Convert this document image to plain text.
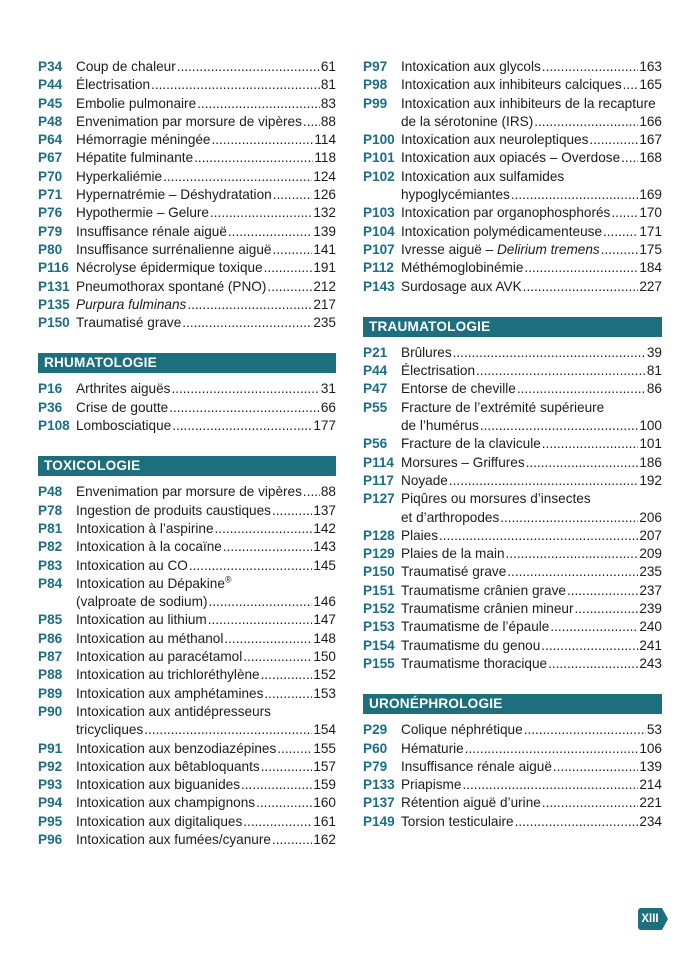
P34	Coup de chaleur .....	61
P44	Électrisation .....	81
P45	Embolie pulmonaire .....	83
P48	Envenimation par morsure de vipères ..... 88
P64	Hémorragie méningée .....	114
P67	Hépatite fulminante .....	118
P70	Hyperkaliémie .....	124
P71	Hypernatrémie – Déshydratation .....	126
P76	Hypothermie – Gelure .....	132
P79	Insuffisance rénale aiguë .....	139
P80	Insuffisance surrénalienne aiguë .....	141
P116 Nécrolyse épidermique toxique .....	191
P131 Pneumothorax spontané (PNO) .....	212
P135 Purpura fulminans .....	217
P150 Traumatisé grave .....	235
RHUMATOLOGIE
P16	Arthrites aiguës .....	31
P36	Crise de goutte .....	66
P108 Lombosciatique .....	177
TOXICOLOGIE
P48	Envenimation par morsure de vipères ..... 88
P78	Ingestion de produits caustiques .....	137
P81	Intoxication à l’aspirine .....	142
P82	Intoxication à la cocaïne .....	143
P83	Intoxication au CO .....	145
P84	Intoxication au Dépakine®
(valproate de sodium) .....	146
P85	Intoxication au lithium .....	147
P86	Intoxication au méthanol .....	148
P87	Intoxication au paracétamol .....	150
P88	Intoxication au trichloréthylène .....	152
P89	Intoxication aux amphétamines .....	153
P90	Intoxication aux antidépresseurs
tricycliques .....	154
P91	Intoxication aux benzodiazépines .....	155
P92	Intoxication aux bêtabloquants .....	157
P93	Intoxication aux biguanides .....	159
P94	Intoxication aux champignons .....	160
P95	Intoxication aux digitaliques .....	161
P96	Intoxication aux fumées/cyanure .....	162
P97	Intoxication aux glycols .....	163
P98	Intoxication aux inhibiteurs calciques ..... 165
P99	Intoxication aux inhibiteurs de la recapture
de la sérotonine (IRS) .....	166
P100 Intoxication aux neuroleptiques .....	167
P101 Intoxication aux opiacés – Overdose ..... 168
P102 Intoxication aux sulfamides
hypoglycémiantes .....	169
P103 Intoxication par organophosphorés ..... 170
P104 Intoxication polymédicamenteuse .....	171
P107 Ivresse aiguë – Delirium tremens .....	175
P112 Méthémoglobinémie .....	184
P143 Surdosage aux AVK .....	227
TRAUMATOLOGIE
P21	Brûlures .....	39
P44	Électrisation .....	81
P47	Entorse de cheville .....	86
P55	Fracture de l’extrémité supérieure
de l’humérus .....	100
P56	Fracture de la clavicule .....	101
P114 Morsures – Griffures .....	186
P117 Noyade .....	192
P127 Piqûres ou morsures d’insectes
et d’arthropodes .....	206
P128 Plaies .....	207
P129 Plaies de la main .....	209
P150 Traumatisé grave .....	235
P151 Traumatisme crânien grave .....	237
P152 Traumatisme crânien mineur .....	239
P153 Traumatisme de l’épaule .....	240
P154 Traumatisme du genou .....	241
P155 Traumatisme thoracique .....	243
URONÉPHROLOGIE
P29	Colique néphrétique .....	53
P60	Hématurie .....	106
P79	Insuffisance rénale aiguë .....	139
P133 Priapisme .....	214
P137 Rétention aiguë d’urine .....	221
P149 Torsion testiculaire .....	234
XIII
